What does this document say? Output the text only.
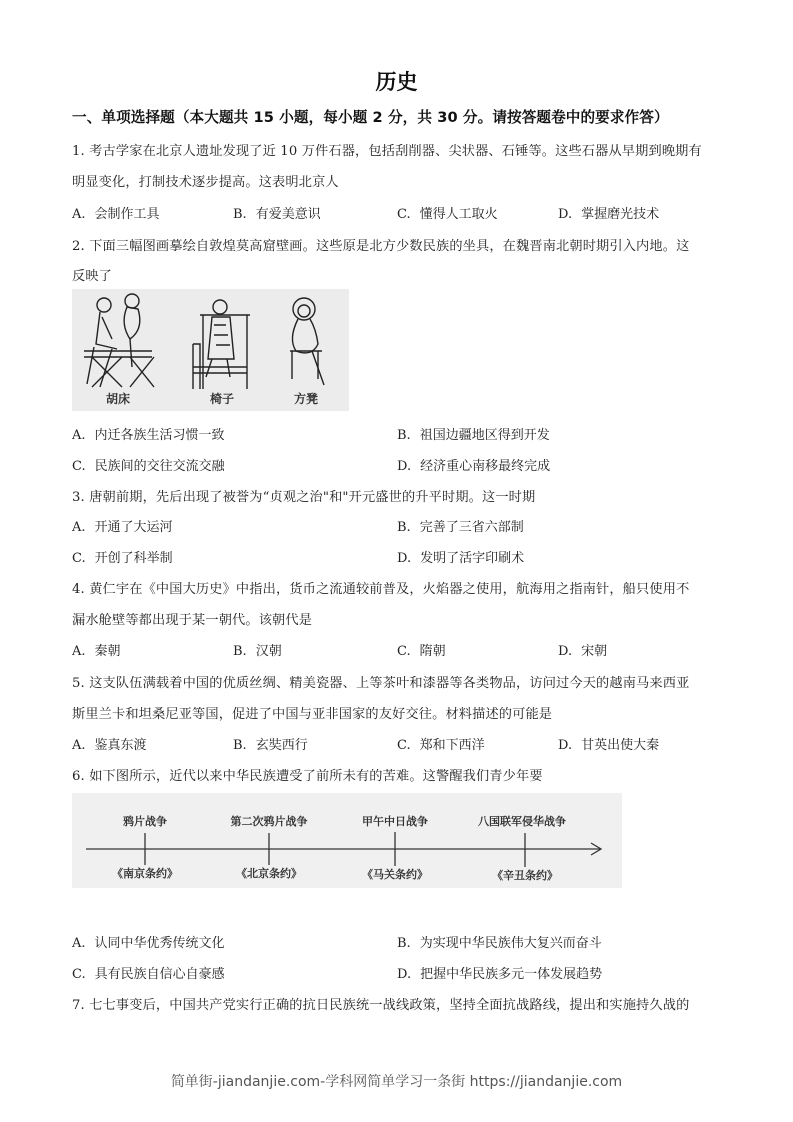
历史
一、单项选择题（本大题共 15 小题，每小题 2 分，共 30 分。请按答题卷中的要求作答）
1. 考古学家在北京人遗址发现了近 10 万件石器，包括刮削器、尖状器、石锤等。这些石器从早期到晚期有
明显变化，打制技术逐步提高。这表明北京人
A. 会制作工具	B. 有爱美意识	C. 懂得人工取火	D. 掌握磨光技术
2. 下面三幅图画摹绘自敦煌莫高窟壁画。这些原是北方少数民族的坐具，在魏晋南北朝时期引入内地。这
反映了
胡床	椅子	方凳
A. 内迁各族生活习惯一致	B. 祖国边疆地区得到开发
C. 民族间的交往交流交融	D. 经济重心南移最终完成
3. 唐朝前期，先后出现了被誉为“贞观之治"和"开元盛世的升平时期。这一时期
A. 开通了大运河	B. 完善了三省六部制
C. 开创了科举制	D. 发明了活字印刷术
4. 黄仁宇在《中国大历史》中指出，货币之流通较前普及，火焰器之使用，航海用之指南针，船只使用不
漏水舱壁等都出现于某一朝代。该朝代是
A. 秦朝	B. 汉朝	C. 隋朝	D. 宋朝
5. 这支队伍满载着中国的优质丝绸、精美瓷器、上等茶叶和漆器等各类物品，访问过今天的越南马来西亚
斯里兰卡和坦桑尼亚等国，促进了中国与亚非国家的友好交往。材料描述的可能是
A. 鉴真东渡	B. 玄奘西行	C. 郑和下西洋	D. 甘英出使大秦
6. 如下图所示，近代以来中华民族遭受了前所未有的苦难。这警醒我们青少年要
鸦片战争	第二次鸦片战争	甲午中日战争	八国联军侵华战争
《南京条约》	《北京条约》	《马关条约》	《辛丑条约》
A. 认同中华优秀传统文化	B. 为实现中华民族伟大复兴而奋斗
C. 具有民族自信心自豪感	D. 把握中华民族多元一体发展趋势
7. 七七事变后，中国共产党实行正确的抗日民族统一战线政策，坚持全面抗战路线，提出和实施持久战的
简单街-jiandanjie.com-学科网简单学习一条街 https://jiandanjie.com
